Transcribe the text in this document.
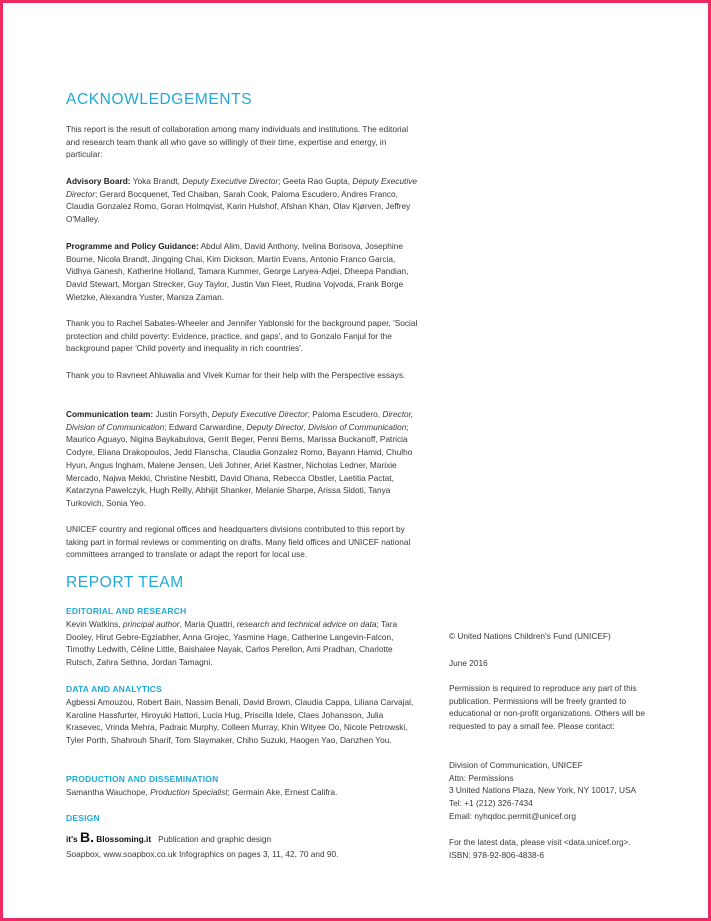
ACKNOWLEDGEMENTS

This report is the result of collaboration among many individuals and institutions. The editorial and research team thank all who gave so willingly of their time, expertise and energy, in particular:

Advisory Board: Yoka Brandt, Deputy Executive Director; Geeta Rao Gupta, Deputy Executive Director; Gerard Bocquenet, Ted Chaiban, Sarah Cook, Paloma Escudero, Andres Franco, Claudia Gonzalez Romo, Goran Holmqvist, Karin Hulshof, Afshan Khan, Olav Kjørven, Jeffrey O'Malley.

Programme and Policy Guidance: Abdul Alim, David Anthony, Ivelina Borisova, Josephine Bourne, Nicola Brandt, Jingqing Chai, Kim Dickson, Martin Evans, Antonio Franco Garcia, Vidhya Ganesh, Katherine Holland, Tamara Kummer, George Laryea-Adjei, Dheepa Pandian, David Stewart, Morgan Strecker, Guy Taylor, Justin Van Fleet, Rudina Vojvoda, Frank Borge Wietzke, Alexandra Yuster, Maniza Zaman.

Thank you to Rachel Sabates-Wheeler and Jennifer Yablonski for the background paper, 'Social protection and child poverty: Evidence, practice, and gaps', and to Gonzalo Fanjul for the background paper 'Child poverty and inequality in rich countries'.

Thank you to Ravneet Ahluwalia and Vivek Kumar for their help with the Perspective essays.

Communication team: Justin Forsyth, Deputy Executive Director; Paloma Escudero, Director, Division of Communication; Edward Carwardine, Deputy Director, Division of Communication; Maurico Aguayo, Nigina Baykabulova, Gerrit Beger, Penni Berns, Marissa Buckanoff, Patricia Codyre, Eliana Drakopoulos, Jedd Flanscha, Claudia Gonzalez Romo, Bayann Hamid, Chulho Hyun, Angus Ingham, Malene Jensen, Ueli Johner, Ariel Kastner, Nicholas Ledner, Marixie Mercado, Najwa Mekki, Christine Nesbitt, David Ohana, Rebecca Obstler, Laetitia Pactat, Katarzyna Pawelczyk, Hugh Reilly, Abhijit Shanker, Melanie Sharpe, Arissa Sidoti, Tanya Turkovich, Sonia Yeo.

UNICEF country and regional offices and headquarters divisions contributed to this report by taking part in formal reviews or commenting on drafts. Many field offices and UNICEF national committees arranged to translate or adapt the report for local use.

REPORT TEAM

EDITORIAL AND RESEARCH

Kevin Watkins, principal author, Maria Quattri, research and technical advice on data; Tara Dooley, Hirut Gebre-Egziabher, Anna Grojec, Yasmine Hage, Catherine Langevin-Falcon, Timothy Ledwith, Céline Little, Baishalee Nayak, Carlos Perellon, Ami Pradhan, Charlotte Rutsch, Zahra Sethna, Jordan Tamagni.

DATA AND ANALYTICS

Agbessi Amouzou, Robert Bain, Nassim Benali, David Brown, Claudia Cappa, Liliana Carvajal, Karoline Hassfurter, Hiroyuki Hattori, Lucia Hug, Priscilla Idele, Claes Johansson, Julia Krasevec, Vrinda Mehra, Padraic Murphy, Colleen Murray, Khin Wityee Oo, Nicole Petrowski, Tyler Porth, Shahrouh Sharif, Tom Slaymaker, Chiho Suzuki, Haogen Yao, Danzhen You.

PRODUCTION AND DISSEMINATION

Samantha Wauchope, Production Specialist; Germain Ake, Ernest Califra.

DESIGN

it's B. Blossoming.it Publication and graphic design

Soapbox, www.soapbox.co.uk Infographics on pages 3, 11, 42, 70 and 90.

© United Nations Children's Fund (UNICEF)

June 2016

Permission is required to reproduce any part of this publication. Permissions will be freely granted to educational or non-profit organizations. Others will be requested to pay a small fee. Please contact:

Division of Communication, UNICEF
Attn: Permissions
3 United Nations Plaza, New York, NY 10017, USA
Tel: +1 (212) 326-7434
Email: nyhqdoc.permit@unicef.org
For the latest data, please visit <data.unicef.org>.
ISBN: 978-92-806-4838-6
